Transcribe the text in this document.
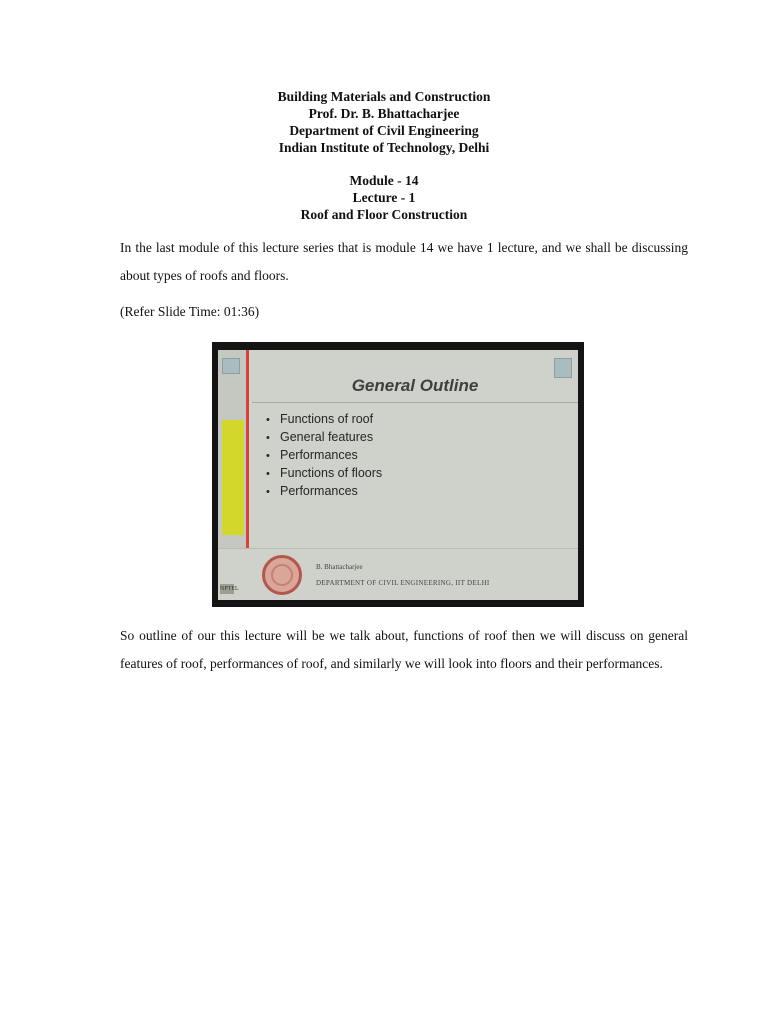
Building Materials and Construction
Prof. Dr. B. Bhattacharjee
Department of Civil Engineering
Indian Institute of Technology, Delhi
Module - 14
Lecture - 1
Roof and Floor Construction

In the last module of this lecture series that is module 14 we have 1 lecture, and we shall be discussing about types of roofs and floors.

(Refer Slide Time: 01:36)

General Outline
• Functions of roof
• General features
• Performances
• Functions of floors
• Performances
B. Bhattacharjee
DEPARTMENT OF CIVIL ENGINEERING, IIT DELHI
NPTEL

So outline of our this lecture will be we talk about, functions of roof then we will discuss on general features of roof, performances of roof, and similarly we will look into floors and their performances.
